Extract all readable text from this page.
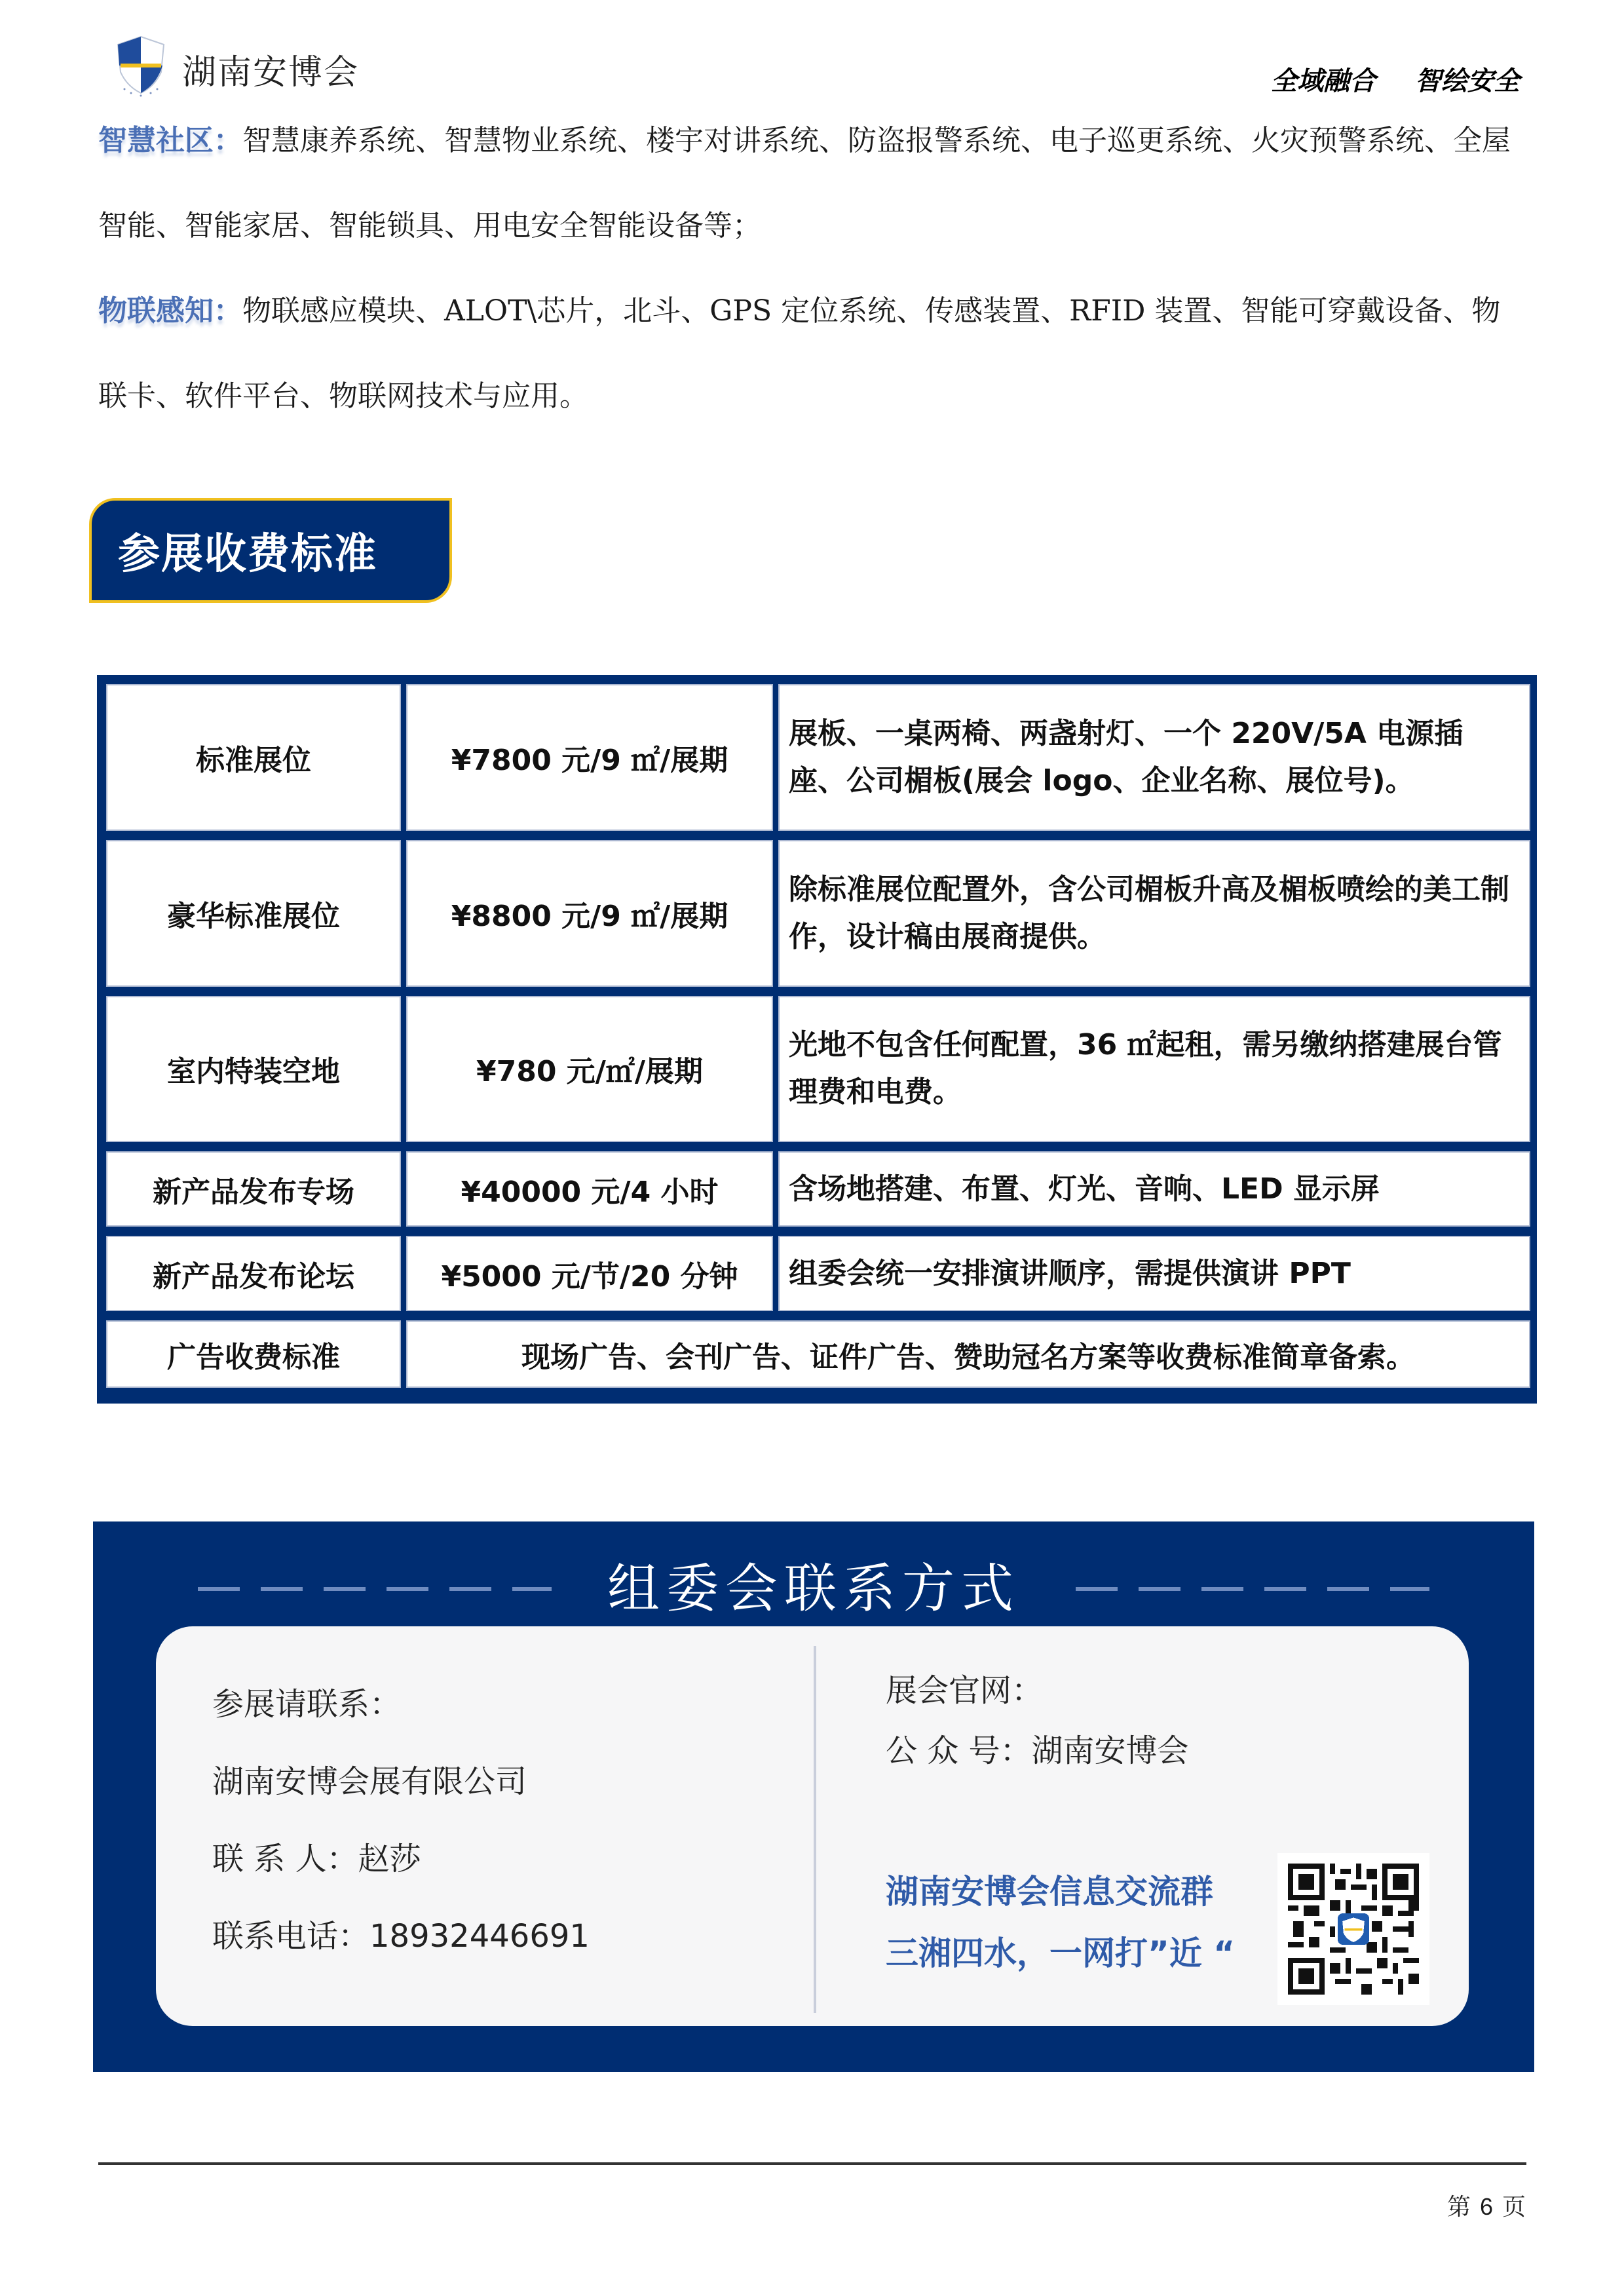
湖南安博会	全域融合 智绘安全
智慧社区：智慧康养系统、智慧物业系统、楼宇对讲系统、防盗报警系统、电子巡更系统、火灾预警系统、全屋智能、智能家居、智能锁具、用电安全智能设备等；
物联感知：物联感应模块、ALOT\芯片，北斗、GPS 定位系统、传感装置、RFID 装置、智能可穿戴设备、物联卡、软件平台、物联网技术与应用。
参展收费标准
标准展位	¥7800 元/9 ㎡/展期	展板、一桌两椅、两盏射灯、一个 220V/5A 电源插座、公司楣板(展会 logo、企业名称、展位号)。
豪华标准展位	¥8800 元/9 ㎡/展期	除标准展位配置外，含公司楣板升高及楣板喷绘的美工制作，设计稿由展商提供。
室内特装空地	¥780 元/㎡/展期	光地不包含任何配置，36 ㎡起租，需另缴纳搭建展台管理费和电费。
新产品发布专场	¥40000 元/4 小时	含场地搭建、布置、灯光、音响、LED 显示屏
新产品发布论坛	¥5000 元/节/20 分钟	组委会统一安排演讲顺序，需提供演讲 PPT
广告收费标准	现场广告、会刊广告、证件广告、赞助冠名方案等收费标准简章备索。	
组委会联系方式
参展请联系：
湖南安博会展有限公司
联 系 人：赵莎
联系电话：18932446691
展会官网：
公 众 号：湖南安博会
湖南安博会信息交流群
三湘四水，一网打”近 “
第 6 页
